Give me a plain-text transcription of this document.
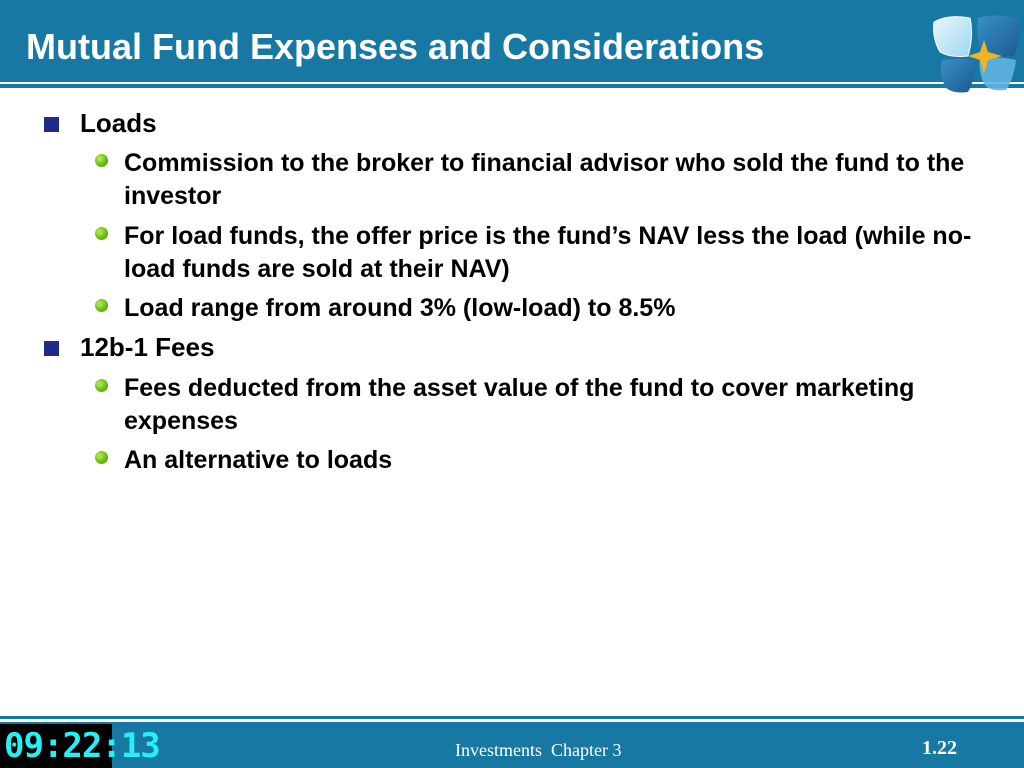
Mutual Fund Expenses and Considerations
Loads
Commission to the broker to financial advisor who sold the fund to the investor
For load funds, the offer price is the fund’s NAV less the load (while no-load funds are sold at their NAV)
Load range from around 3% (low-load) to 8.5%
12b-1 Fees
Fees deducted from the asset value of the fund to cover marketing expenses
An alternative to loads
09:22:13	Investments  Chapter 3	1.22
